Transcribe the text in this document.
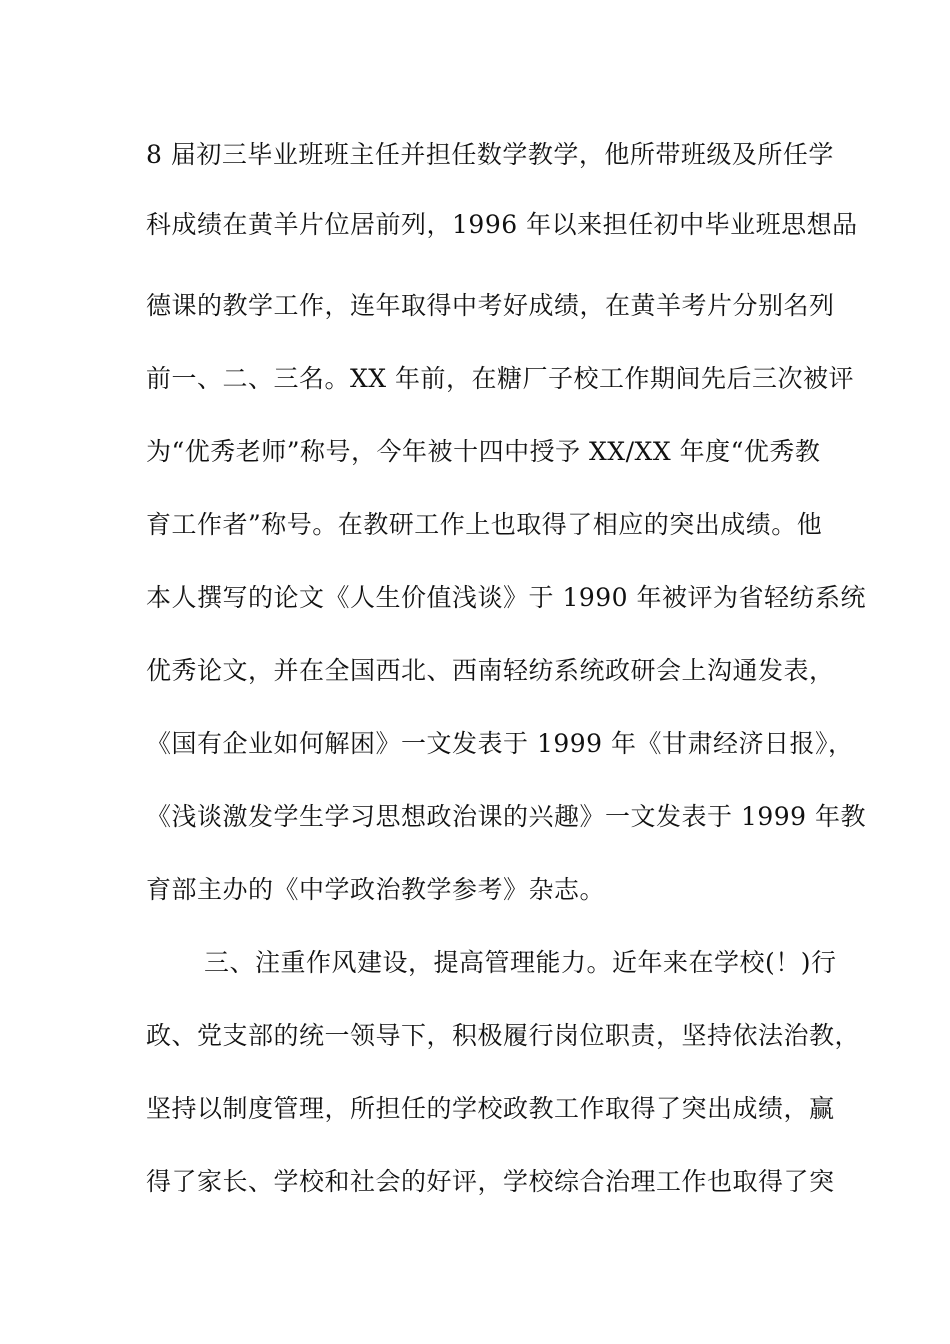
8 届初三毕业班班主任并担任数学教学，他所带班级及所任学
科成绩在黄羊片位居前列，1996 年以来担任初中毕业班思想品
德课的教学工作，连年取得中考好成绩，在黄羊考片分别名列
前一、二、三名。XX 年前，在糖厂子校工作期间先后三次被评
为“优秀老师”称号，今年被十四中授予 XX/XX 年度“优秀教
育工作者”称号。在教研工作上也取得了相应的突出成绩。他
本人撰写的论文《人生价值浅谈》于 1990 年被评为省轻纺系统
优秀论文，并在全国西北、西南轻纺系统政研会上沟通发表，
《国有企业如何解困》一文发表于 1999 年《甘肃经济日报》，
《浅谈激发学生学习思想政治课的兴趣》一文发表于 1999 年教
育部主办的《中学政治教学参考》杂志。
三、注重作风建设，提高管理能力。近年来在学校(！)行
政、党支部的统一领导下，积极履行岗位职责，坚持依法治教，
坚持以制度管理，所担任的学校政教工作取得了突出成绩，赢
得了家长、学校和社会的好评，学校综合治理工作也取得了突
